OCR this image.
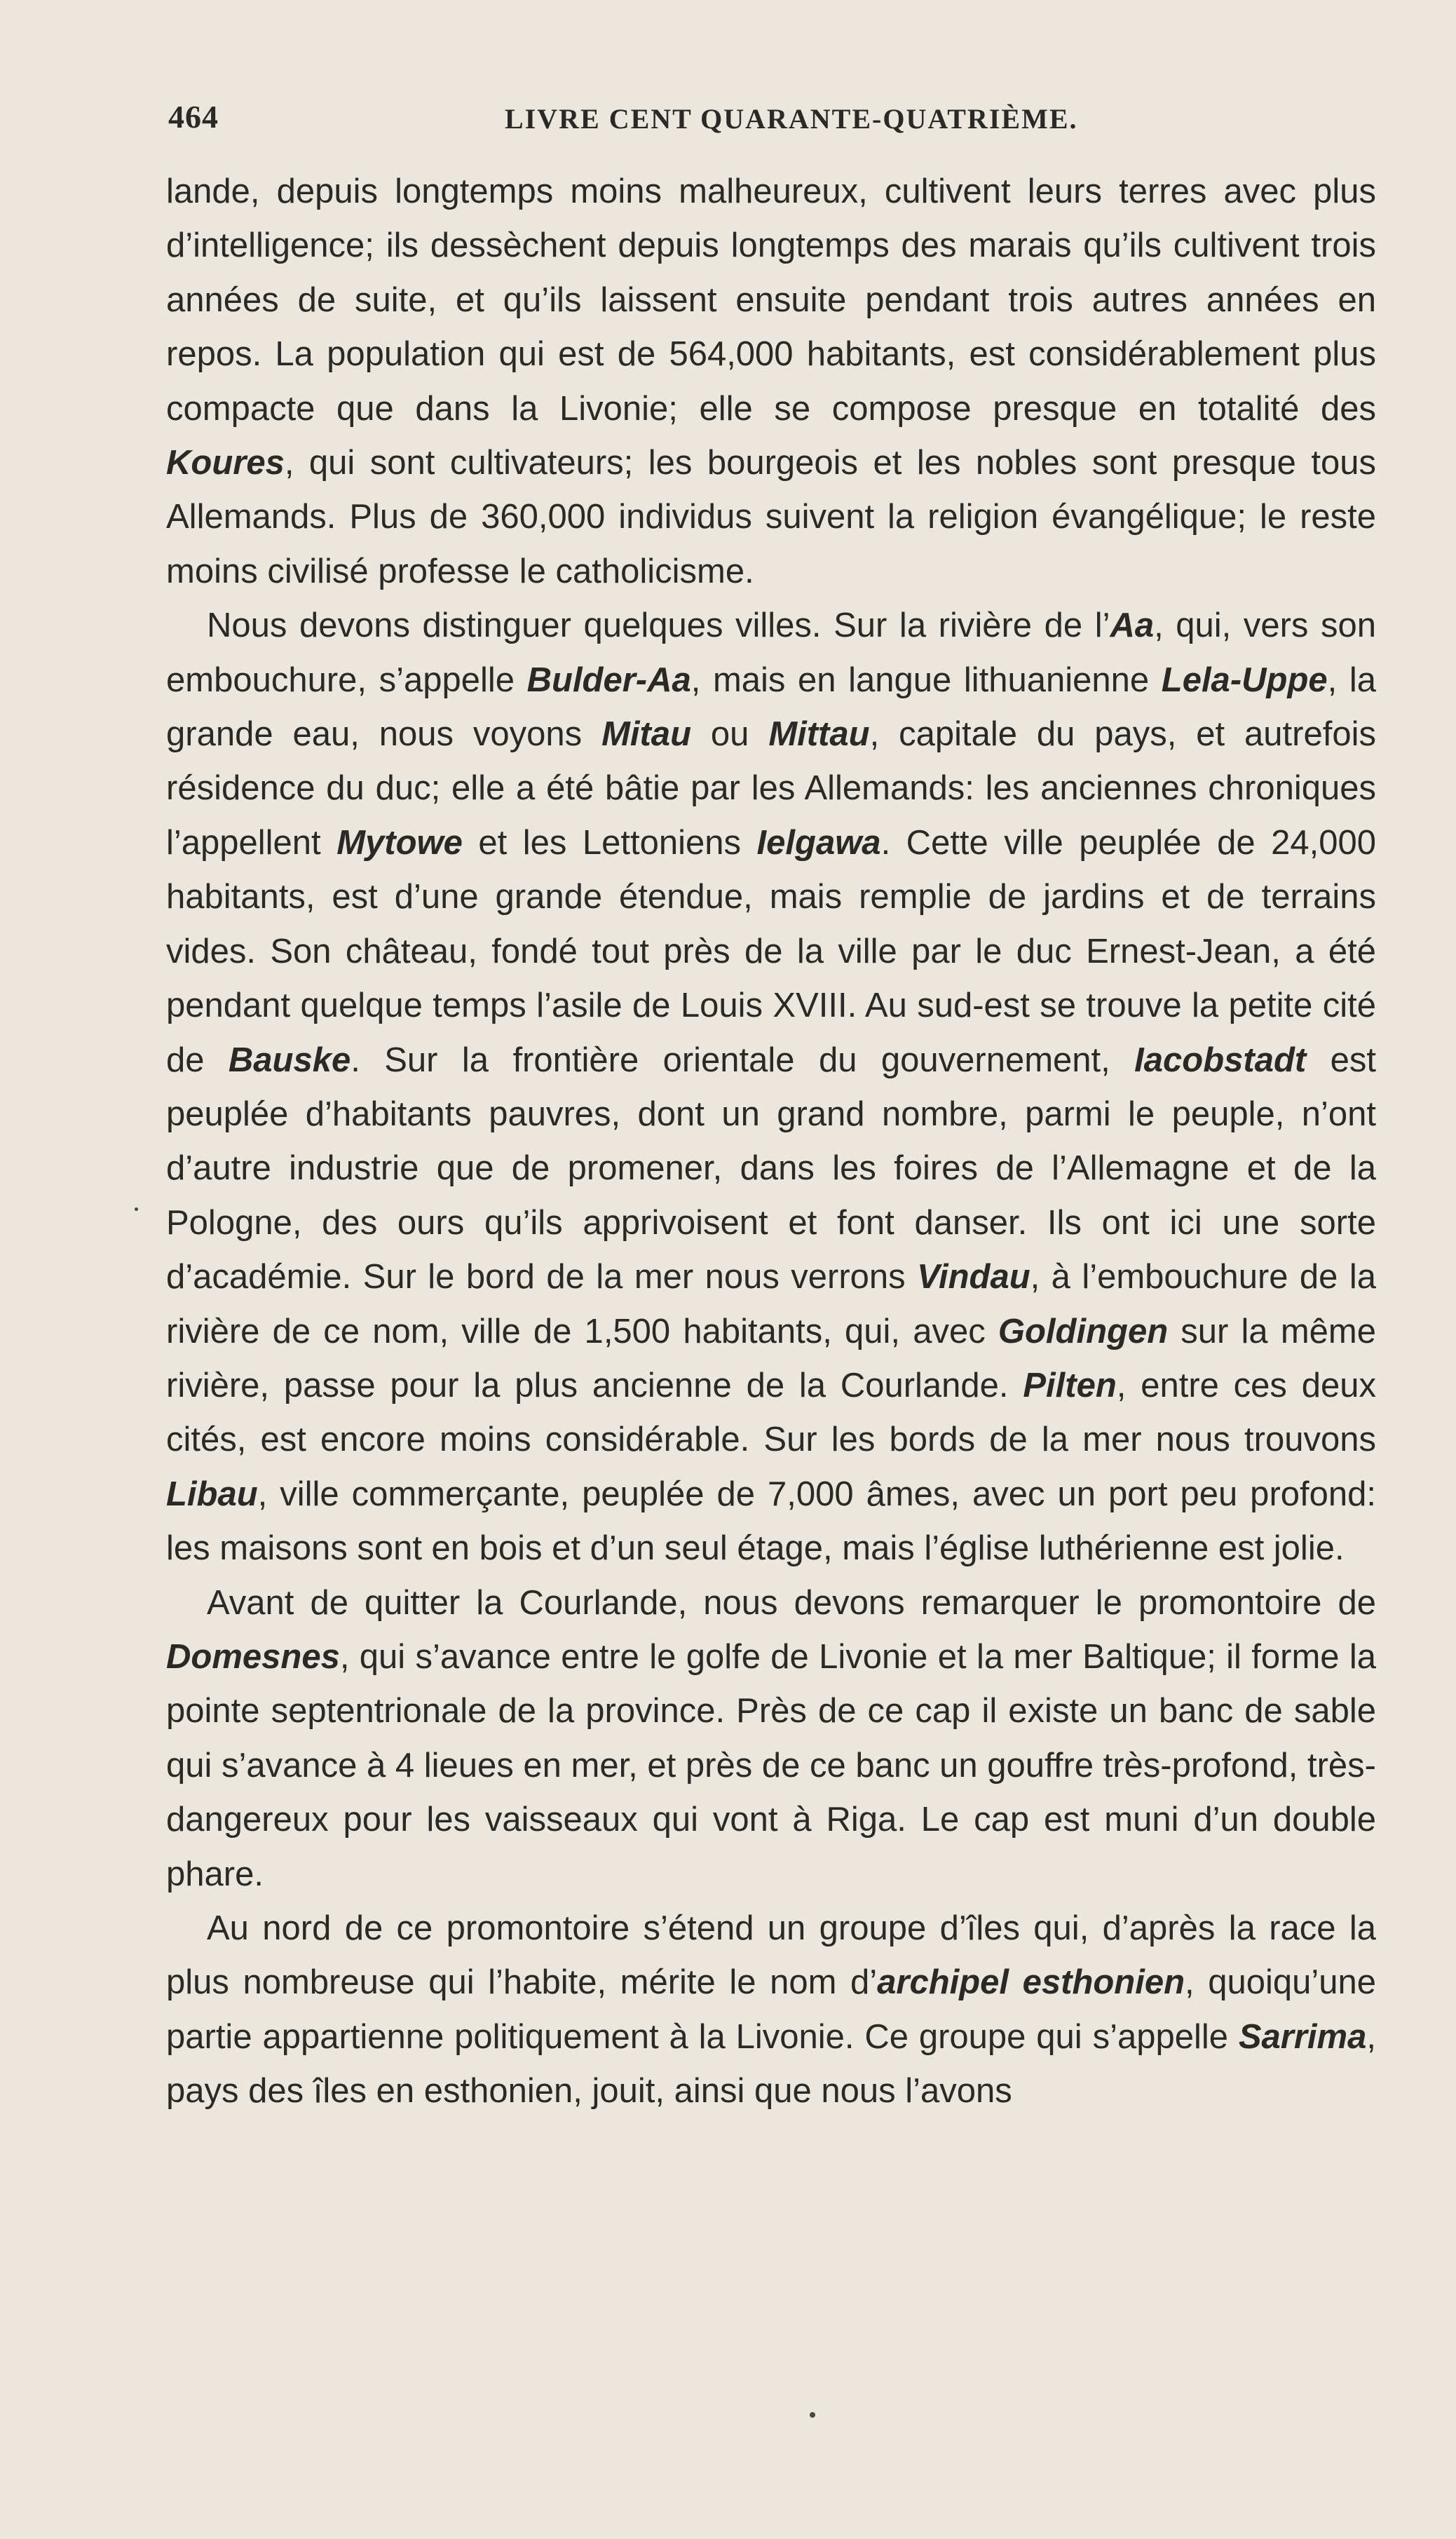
464	LIVRE CENT QUARANTE-QUATRIÈME.

lande, depuis longtemps moins malheureux, cultivent leurs terres avec plus d’intelligence; ils dessèchent depuis longtemps des marais qu’ils cultivent trois années de suite, et qu’ils laissent ensuite pendant trois autres années en repos. La population qui est de 564,000 habitants, est considérablement plus compacte que dans la Livonie; elle se compose presque en totalité des Koures, qui sont cultivateurs; les bourgeois et les nobles sont presque tous Allemands. Plus de 360,000 individus suivent la religion évangélique; le reste moins civilisé professe le catholicisme.

Nous devons distinguer quelques villes. Sur la rivière de l’Aa, qui, vers son embouchure, s’appelle Bulder-Aa, mais en langue lithuanienne Lela-Uppe, la grande eau, nous voyons Mitau ou Mittau, capitale du pays, et autrefois résidence du duc; elle a été bâtie par les Allemands: les anciennes chroniques l’appellent Mytowe et les Lettoniens Ielgawa. Cette ville peuplée de 24,000 habitants, est d’une grande étendue, mais remplie de jardins et de terrains vides. Son château, fondé tout près de la ville par le duc Ernest-Jean, a été pendant quelque temps l’asile de Louis XVIII. Au sud-est se trouve la petite cité de Bauske. Sur la frontière orientale du gouvernement, Iacobstadt est peuplée d’habitants pauvres, dont un grand nombre, parmi le peuple, n’ont d’autre industrie que de promener, dans les foires de l’Allemagne et de la Pologne, des ours qu’ils apprivoisent et font danser. Ils ont ici une sorte d’académie. Sur le bord de la mer nous verrons Vindau, à l’embouchure de la rivière de ce nom, ville de 1,500 habitants, qui, avec Goldingen sur la même rivière, passe pour la plus ancienne de la Courlande. Pilten, entre ces deux cités, est encore moins considérable. Sur les bords de la mer nous trouvons Libau, ville commerçante, peuplée de 7,000 âmes, avec un port peu profond: les maisons sont en bois et d’un seul étage, mais l’église luthérienne est jolie.

Avant de quitter la Courlande, nous devons remarquer le promontoire de Domesnes, qui s’avance entre le golfe de Livonie et la mer Baltique; il forme la pointe septentrionale de la province. Près de ce cap il existe un banc de sable qui s’avance à 4 lieues en mer, et près de ce banc un gouffre très-profond, très-dangereux pour les vaisseaux qui vont à Riga. Le cap est muni d’un double phare.

Au nord de ce promontoire s’étend un groupe d’îles qui, d’après la race la plus nombreuse qui l’habite, mérite le nom d’archipel esthonien, quoiqu’une partie appartienne politiquement à la Livonie. Ce groupe qui s’appelle Sarrima, pays des îles en esthonien, jouit, ainsi que nous l’avons
